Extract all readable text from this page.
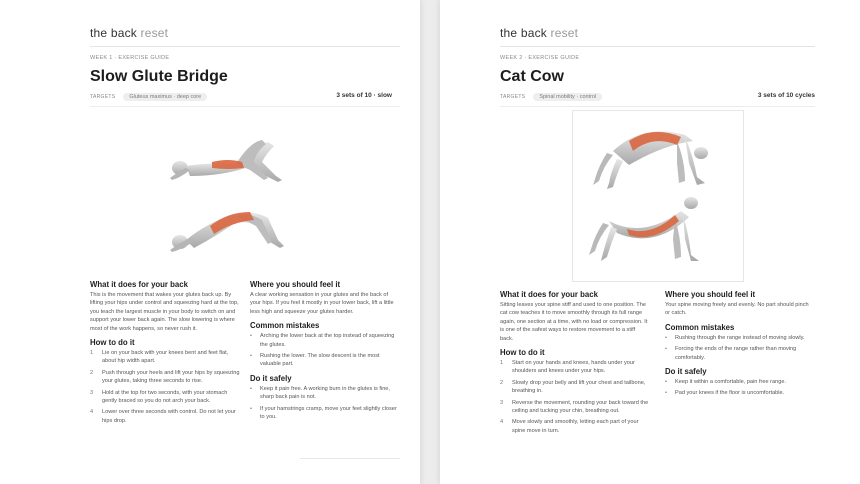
the back reset
WEEK 1 · EXERCISE GUIDE
Slow Glute Bridge
TARGETS	Gluteus maximus · deep core	3 sets of 10 · slow
What it does for your back

This is the movement that wakes your glutes back up. By lifting your hips under control and squeezing hard at the top, you teach the largest muscle in your body to switch on and support your lower back again. The slow lowering is where most of the work happens, so never rush it.

How to do it
1	Lie on your back with your knees bent and feet flat, about hip width apart.
2	Push through your heels and lift your hips by squeezing your glutes, taking three seconds to rise.
3	Hold at the top for two seconds, with your stomach gently braced so you do not arch your back.
4	Lower over three seconds with control. Do not let your hips drop.
Where you should feel it

A clear working sensation in your glutes and the back of your hips. If you feel it mostly in your lower back, lift a little less high and squeeze your glutes harder.

Common mistakes
•	Arching the lower back at the top instead of squeezing the glutes.
•	Rushing the lower. The slow descent is the most valuable part.
Do it safely
•	Keep it pain free. A working burn in the glutes is fine, sharp back pain is not.
•	If your hamstrings cramp, move your feet slightly closer to you.
the back reset
WEEK 2 · EXERCISE GUIDE
Cat Cow
TARGETS	Spinal mobility · control	3 sets of 10 cycles
What it does for your back

Sitting leaves your spine stiff and used to one position. The cat cow teaches it to move smoothly through its full range again, one section at a time, with no load or compression. It is one of the safest ways to restore movement to a stiff back.

How to do it
1	Start on your hands and knees, hands under your shoulders and knees under your hips.
2	Slowly drop your belly and lift your chest and tailbone, breathing in.
3	Reverse the movement, rounding your back toward the ceiling and tucking your chin, breathing out.
4	Move slowly and smoothly, letting each part of your spine move in turn.
Where you should feel it

Your spine moving freely and evenly. No part should pinch or catch.

Common mistakes
•	Rushing through the range instead of moving slowly.
•	Forcing the ends of the range rather than moving comfortably.
Do it safely
•	Keep it within a comfortable, pain free range.
•	Pad your knees if the floor is uncomfortable.
